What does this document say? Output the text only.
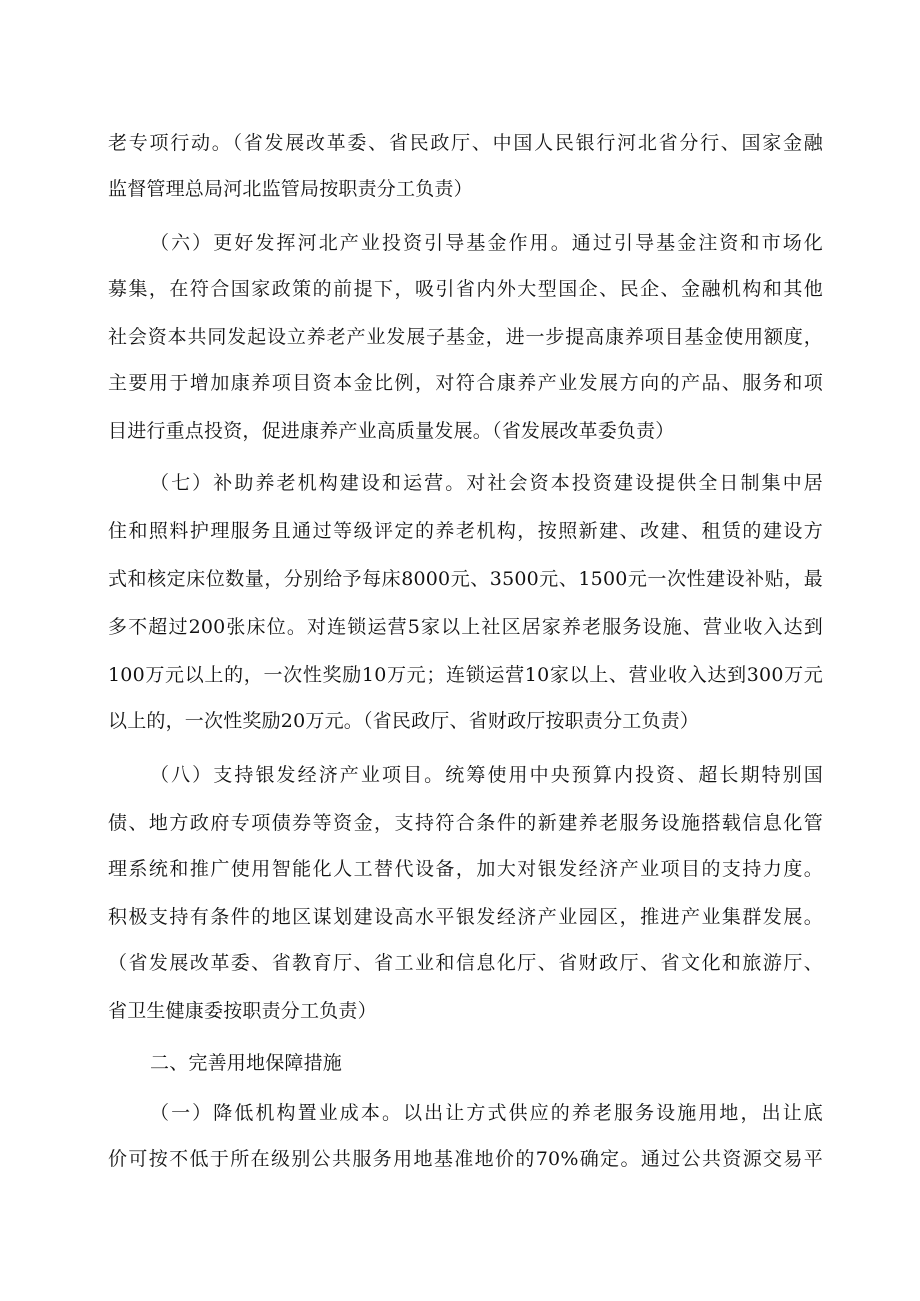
老专项行动。（省发展改革委、省民政厅、中国人民银行河北省分行、国家金融
监督管理总局河北监管局按职责分工负责）
（六）更好发挥河北产业投资引导基金作用。通过引导基金注资和市场化
募集，在符合国家政策的前提下，吸引省内外大型国企、民企、金融机构和其他
社会资本共同发起设立养老产业发展子基金，进一步提高康养项目基金使用额度，
主要用于增加康养项目资本金比例，对符合康养产业发展方向的产品、服务和项
目进行重点投资，促进康养产业高质量发展。（省发展改革委负责）
（七）补助养老机构建设和运营。对社会资本投资建设提供全日制集中居
住和照料护理服务且通过等级评定的养老机构，按照新建、改建、租赁的建设方
式和核定床位数量，分别给予每床8000元、3500元、1500元一次性建设补贴，最
多不超过200张床位。对连锁运营5家以上社区居家养老服务设施、营业收入达到
100万元以上的，一次性奖励10万元；连锁运营10家以上、营业收入达到300万元
以上的，一次性奖励20万元。（省民政厅、省财政厅按职责分工负责）
（八）支持银发经济产业项目。统筹使用中央预算内投资、超长期特别国
债、地方政府专项债券等资金，支持符合条件的新建养老服务设施搭载信息化管
理系统和推广使用智能化人工替代设备，加大对银发经济产业项目的支持力度。
积极支持有条件的地区谋划建设高水平银发经济产业园区，推进产业集群发展。
（省发展改革委、省教育厅、省工业和信息化厅、省财政厅、省文化和旅游厅、
省卫生健康委按职责分工负责）
二、完善用地保障措施
（一）降低机构置业成本。以出让方式供应的养老服务设施用地，出让底
价可按不低于所在级别公共服务用地基准地价的70%确定。通过公共资源交易平
